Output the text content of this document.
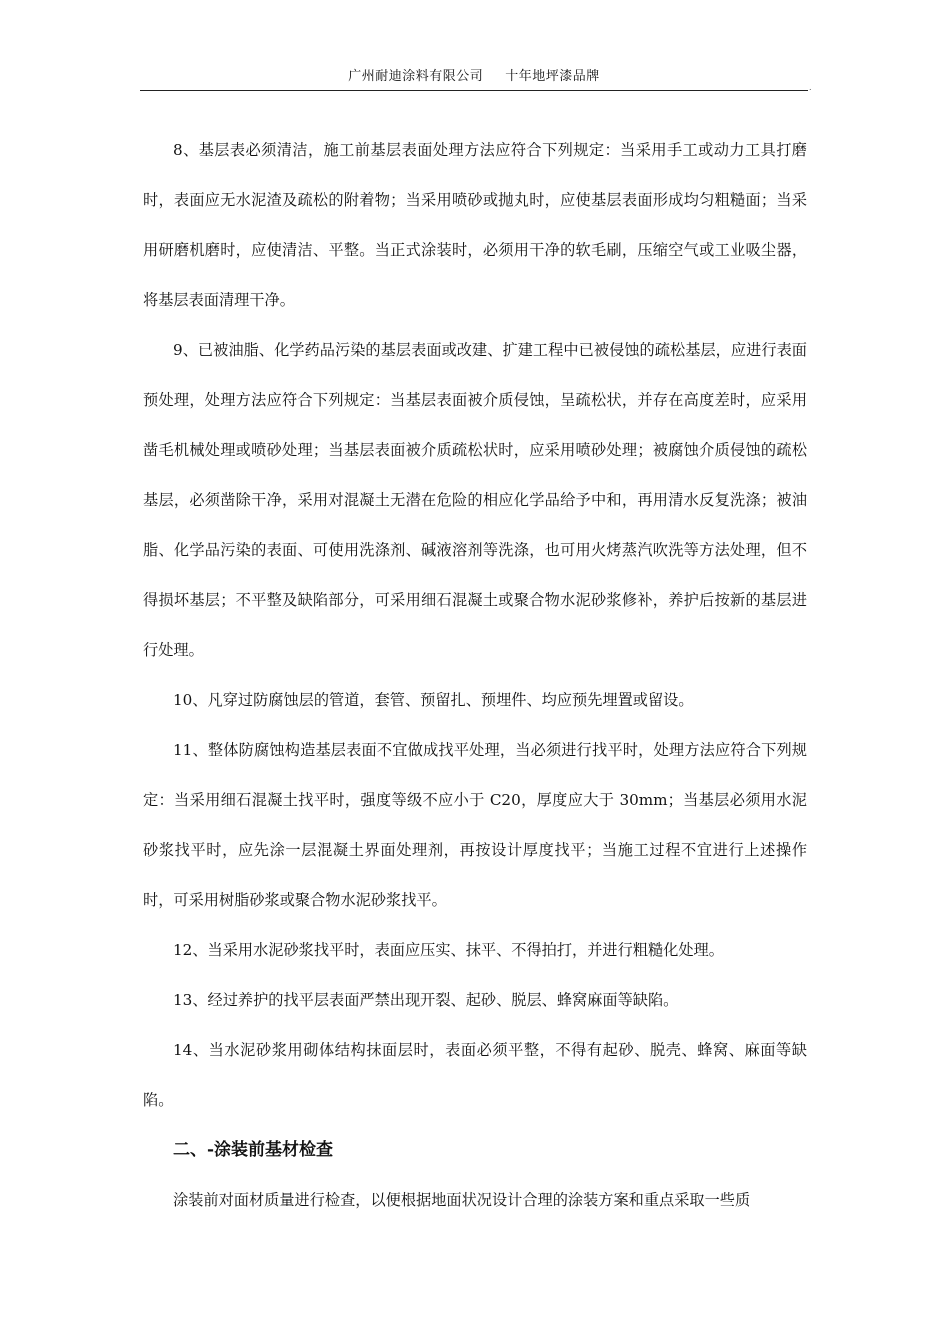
广州耐迪涂料有限公司 十年地坪漆品牌
.

8、基层表必须清洁，施工前基层表面处理方法应符合下列规定：当采用手工或动力工具打磨时，表面应无水泥渣及疏松的附着物；当采用喷砂或抛丸时，应使基层表面形成均匀粗糙面；当采用研磨机磨时，应使清洁、平整。当正式涂装时，必须用干净的软毛刷，压缩空气或工业吸尘器，将基层表面清理干净。

9、已被油脂、化学药品污染的基层表面或改建、扩建工程中已被侵蚀的疏松基层，应进行表面预处理，处理方法应符合下列规定：当基层表面被介质侵蚀，呈疏松状，并存在高度差时，应采用凿毛机械处理或喷砂处理；当基层表面被介质疏松状时，应采用喷砂处理；被腐蚀介质侵蚀的疏松基层，必须凿除干净，采用对混凝土无潜在危险的相应化学品给予中和，再用清水反复洗涤；被油脂、化学品污染的表面、可使用洗涤剂、碱液溶剂等洗涤，也可用火烤蒸汽吹洗等方法处理，但不得损坏基层；不平整及缺陷部分，可采用细石混凝土或聚合物水泥砂浆修补，养护后按新的基层进行处理。

10、凡穿过防腐蚀层的管道，套管、预留扎、预埋件、均应预先埋置或留设。

11、整体防腐蚀构造基层表面不宜做成找平处理，当必须进行找平时，处理方法应符合下列规定：当采用细石混凝土找平时，强度等级不应小于 C20，厚度应大于 30mm；当基层必须用水泥砂浆找平时，应先涂一层混凝土界面处理剂，再按设计厚度找平；当施工过程不宜进行上述操作时，可采用树脂砂浆或聚合物水泥砂浆找平。

12、当采用水泥砂浆找平时，表面应压实、抹平、不得拍打，并进行粗糙化处理。

13、经过养护的找平层表面严禁出现开裂、起砂、脱层、蜂窝麻面等缺陷。

14、当水泥砂浆用砌体结构抹面层时，表面必须平整，不得有起砂、脱壳、蜂窝、麻面等缺陷。

二、-涂装前基材检查

涂装前对面材质量进行检查，以便根据地面状况设计合理的涂装方案和重点采取一些质
